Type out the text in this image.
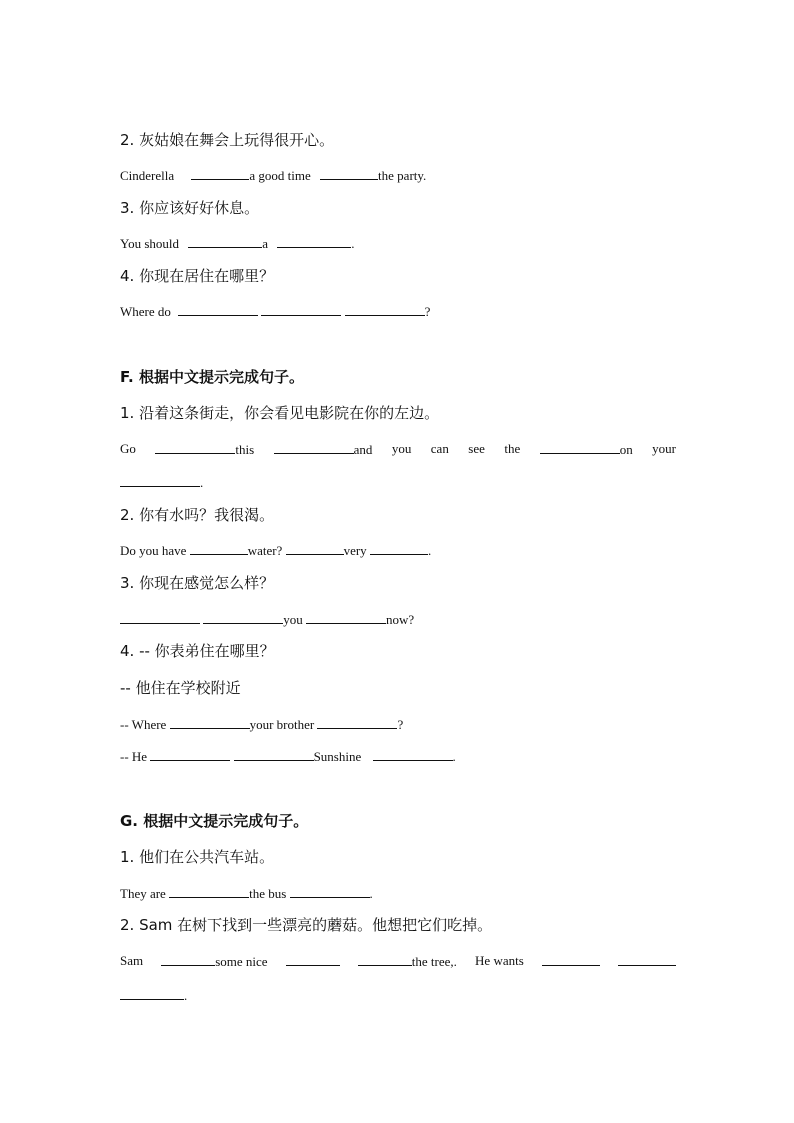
2. 灰姑娘在舞会上玩得很开心。
Cinderella	a good time	the party.
3. 你应该好好休息。
You should	a	.
4. 你现在居住在哪里？
Where do	?
F. 根据中文提示完成句子。
1. 沿着这条街走，你会看见电影院在你的左边。
Go	this	and you can see the	on your
.
2. 你有水吗？我很渴。
Do you have	water?	very	.
3. 你现在感觉怎么样？
you	now?
4. -- 你表弟住在哪里？
-- 他住在学校附近
-- Where	your brother	?
-- He	Sunshine	.
G. 根据中文提示完成句子。
1. 他们在公共汽车站。
They are	the bus	.
2. Sam 在树下找到一些漂亮的蘑菇。他想把它们吃掉。
Sam	some nice	the tree,. He wants
.
